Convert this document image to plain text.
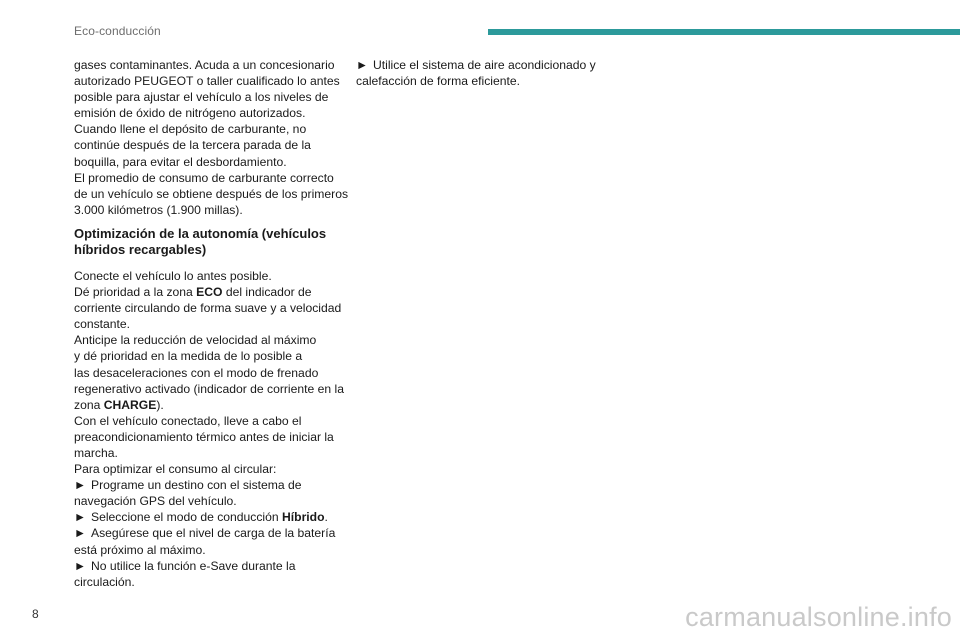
Eco-conducción
gases contaminantes. Acuda a un concesionario
autorizado PEUGEOT o taller cualificado lo antes
posible para ajustar el vehículo a los niveles de
emisión de óxido de nitrógeno autorizados.
Cuando llene el depósito de carburante, no
continúe después de la tercera parada de la
boquilla, para evitar el desbordamiento.
El promedio de consumo de carburante correcto
de un vehículo se obtiene después de los primeros
3.000 kilómetros (1.900 millas).
Optimización de la autonomía (vehículos
híbridos recargables)
Conecte el vehículo lo antes posible.
Dé prioridad a la zona ECO del indicador de
corriente circulando de forma suave y a velocidad
constante.
Anticipe la reducción de velocidad al máximo
y dé prioridad en la medida de lo posible a
las desaceleraciones con el modo de frenado
regenerativo activado (indicador de corriente en la
zona CHARGE).
Con el vehículo conectado, lleve a cabo el
preacondicionamiento térmico antes de iniciar la
marcha.
Para optimizar el consumo al circular:
► Programe un destino con el sistema de
navegación GPS del vehículo.
► Seleccione el modo de conducción Híbrido.
► Asegúrese que el nivel de carga de la batería
está próximo al máximo.
► No utilice la función e-Save durante la
circulación.
► Utilice el sistema de aire acondicionado y
calefacción de forma eficiente.
8	carmanualsonline.info
